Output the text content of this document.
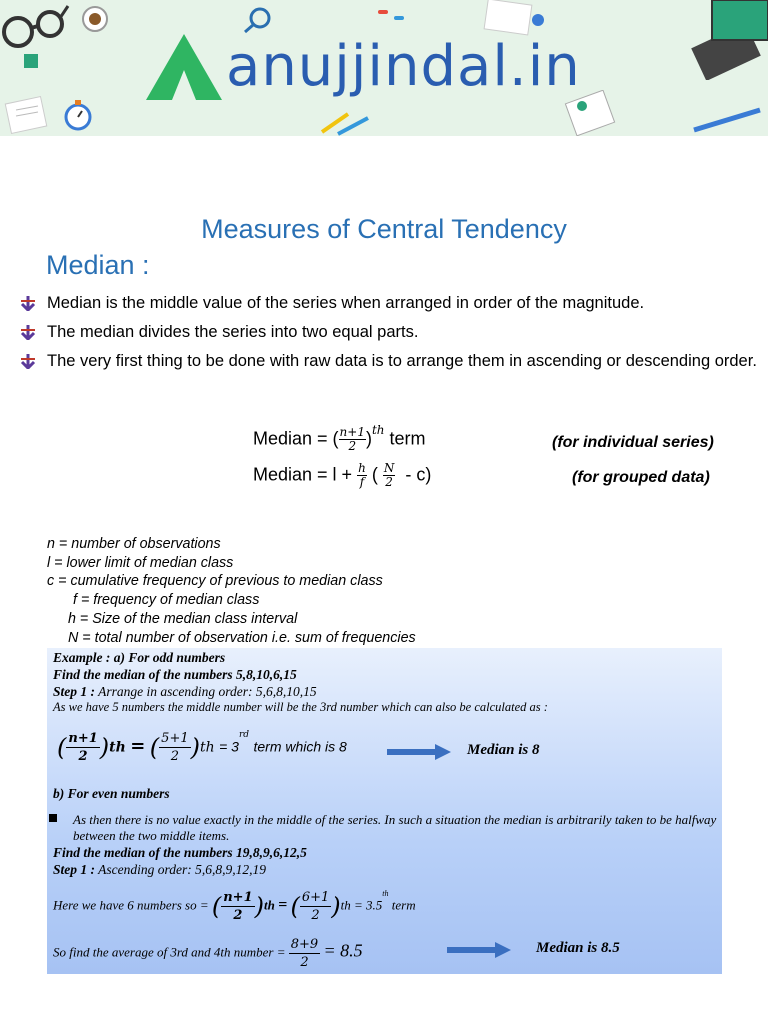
anujjindal.in
Measures of Central Tendency
Median :
Median is the middle value of the series when arranged in order of the magnitude.
The median divides the series into two equal parts.
The very first thing to be done with raw data is to arrange them in ascending or descending order.
Median = ( $\frac{n+1}{2} )^{th}$ term	(for individual series)
Median = $l + \frac{h}{f}$ ( $\frac{N}{2} - c$)	(for grouped data)
n = number of observations
l = lower limit of median class
c = cumulative frequency of previous to median class
f = frequency of median class
h = Size of the median class interval
N = total number of observation i.e. sum of frequencies
Example : a) For odd numbers
Find the median of the numbers 5,8,10,6,15
Step 1 : Arrange in ascending order: 5,6,8,10,15
As we have 5 numbers the middle number will be the 3rd number which can also be calculated as :
( $\frac{n+1}{2})th$ = ( $\frac{5+1}{2})th = 3rd$ term which is 8	Median is 8
b) For even numbers
As then there is no value exactly in the middle of the series. In such a situation the median is arbitrarily taken to be halfway between the two middle items.
Find the median of the numbers 19,8,9,6,12,5
Step 1 : Ascending order: 5,6,8,9,12,19
Here we have 6 numbers so = ( $\frac{n+1}{2})th$ = ( $\frac{6+1}{2})th = 3.5th$ term
So find the average of 3rd and 4th number = $\frac{8+9}{2} = 8.5$	Median is 8.5
